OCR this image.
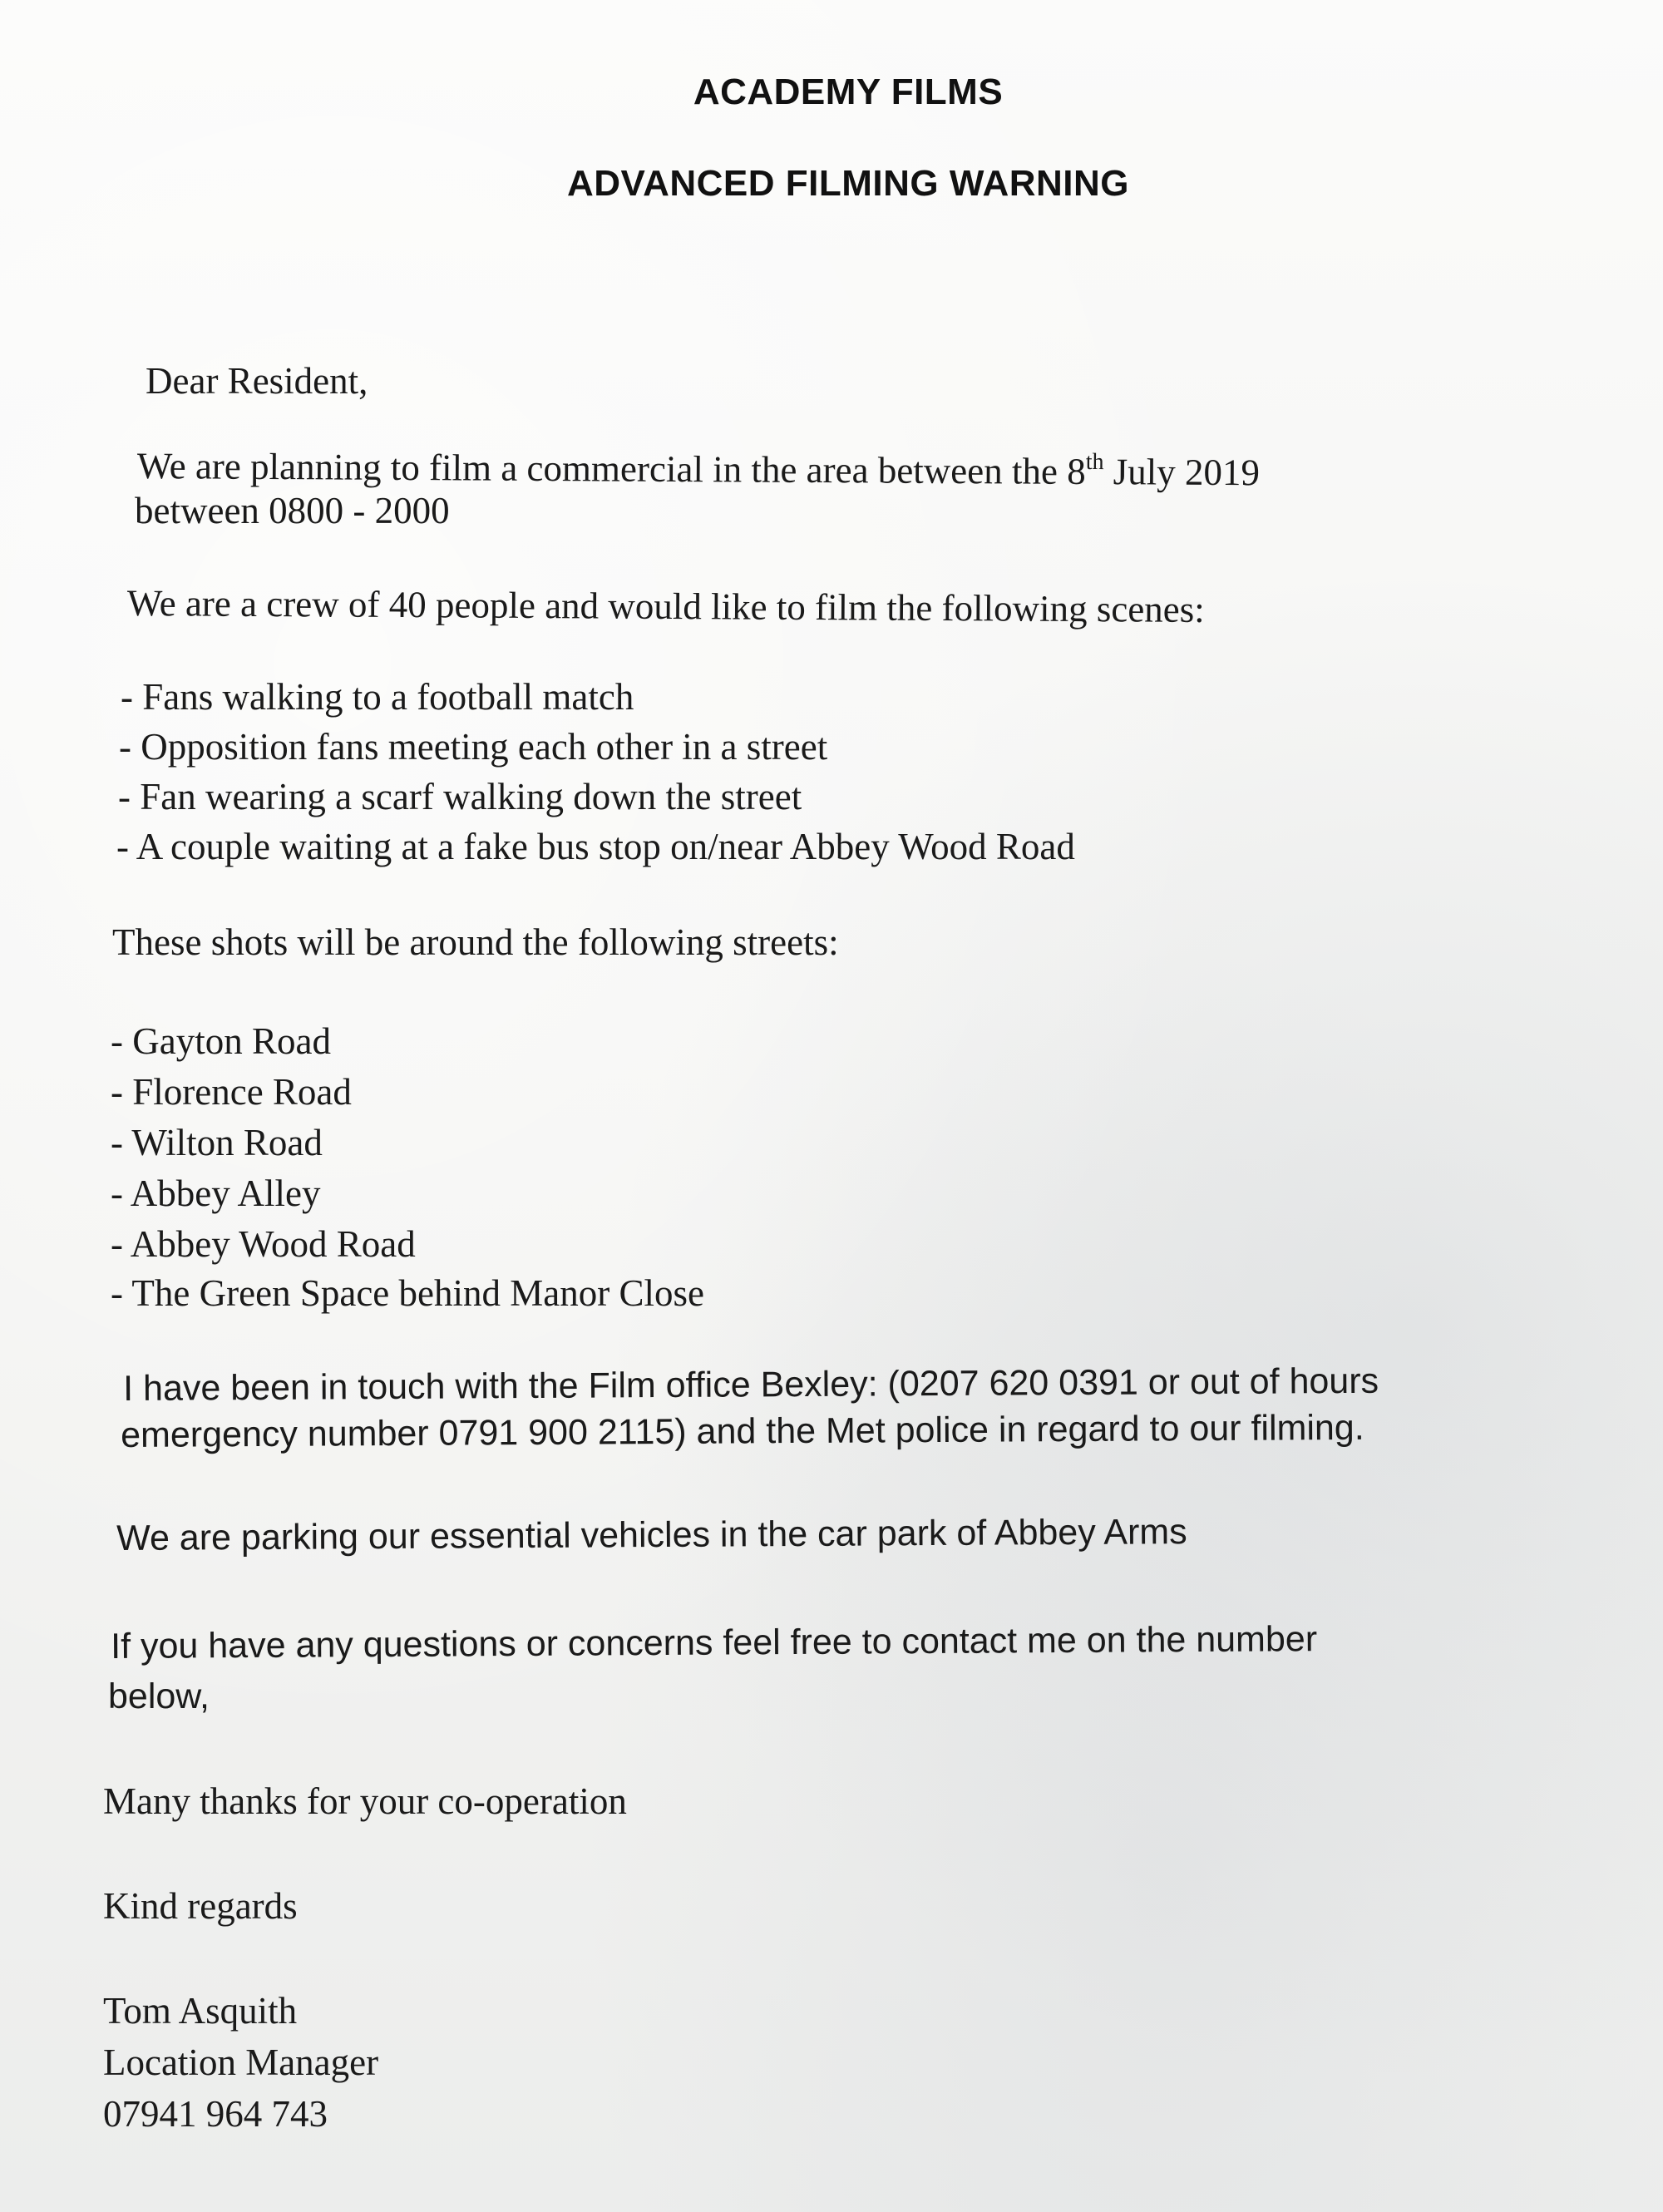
ACADEMY FILMS
ADVANCED FILMING WARNING
Dear Resident,
We are planning to film a commercial in the area between the 8th July 2019
between 0800 - 2000
We are a crew of 40 people and would like to film the following scenes:
- Fans walking to a football match
- Opposition fans meeting each other in a street
- Fan wearing a scarf walking down the street
- A couple waiting at a fake bus stop on/near Abbey Wood Road
These shots will be around the following streets:
- Gayton Road
- Florence Road
- Wilton Road
- Abbey Alley
- Abbey Wood Road
- The Green Space behind Manor Close
I have been in touch with the Film office Bexley: (0207 620 0391 or out of hours
emergency number 0791 900 2115) and the Met police in regard to our filming.
We are parking our essential vehicles in the car park of Abbey Arms
If you have any questions or concerns feel free to contact me on the number
below,
Many thanks for your co-operation
Kind regards
Tom Asquith
Location Manager
07941 964 743
